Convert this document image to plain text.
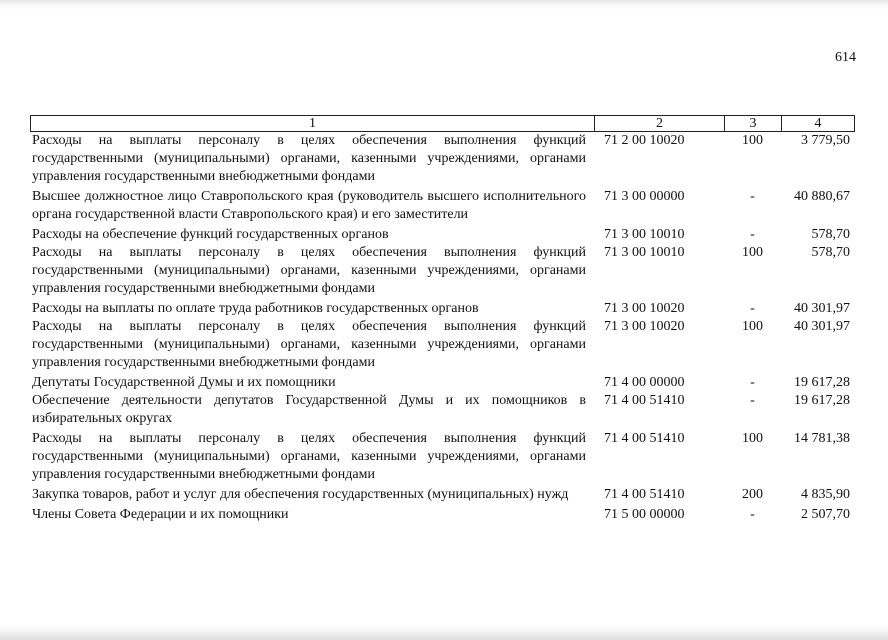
614
1	2	3	4
Расходы на выплаты персоналу в целях обеспечения выполнения функций государственными (муниципальными) органами, казенными учреждениями, органами управления государственными внебюджетными фондами	71 2 00 10020	100	3 779,50
Высшее должностное лицо Ставропольского края (руководитель высшего исполнительного органа государственной власти Ставропольского края) и его заместители	71 3 00 00000	-	40 880,67
Расходы на обеспечение функций государственных органов	71 3 00 10010	-	578,70
Расходы на выплаты персоналу в целях обеспечения выполнения функций государственными (муниципальными) органами, казенными учреждениями, органами управления государственными внебюджетными фондами	71 3 00 10010	100	578,70
Расходы на выплаты по оплате труда работников государственных органов	71 3 00 10020	-	40 301,97
Расходы на выплаты персоналу в целях обеспечения выполнения функций государственными (муниципальными) органами, казенными учреждениями, органами управления государственными внебюджетными фондами	71 3 00 10020	100	40 301,97
Депутаты Государственной Думы и их помощники	71 4 00 00000	-	19 617,28
Обеспечение деятельности депутатов Государственной Думы и их помощников в избирательных округах	71 4 00 51410	-	19 617,28
Расходы на выплаты персоналу в целях обеспечения выполнения функций государственными (муниципальными) органами, казенными учреждениями, органами управления государственными внебюджетными фондами	71 4 00 51410	100	14 781,38
Закупка товаров, работ и услуг для обеспечения государственных (муниципальных) нужд	71 4 00 51410	200	4 835,90
Члены Совета Федерации и их помощники	71 5 00 00000	-	2 507,70
